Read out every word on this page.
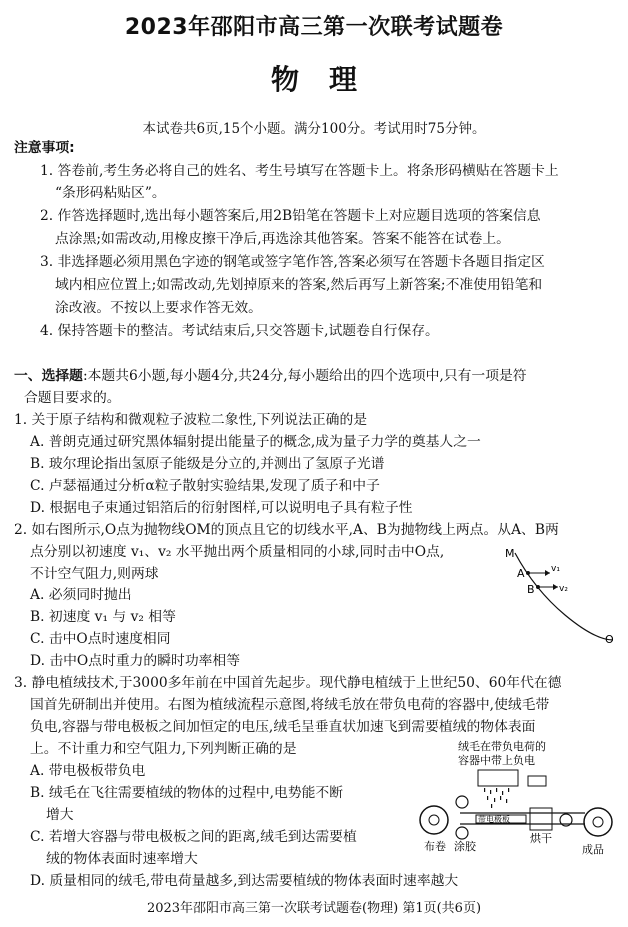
2023年邵阳市高三第一次联考试题卷
物理
本试卷共6页,15个小题。满分100分。考试用时75分钟。
注意事项:
1. 答卷前,考生务必将自己的姓名、考生号填写在答题卡上。将条形码横贴在答题卡上
“条形码粘贴区”。
2. 作答选择题时,选出每小题答案后,用2B铅笔在答题卡上对应题目选项的答案信息
点涂黑;如需改动,用橡皮擦干净后,再选涂其他答案。答案不能答在试卷上。
3. 非选择题必须用黑色字迹的钢笔或签字笔作答,答案必须写在答题卡各题目指定区
域内相应位置上;如需改动,先划掉原来的答案,然后再写上新答案;不准使用铅笔和
涂改液。不按以上要求作答无效。
4. 保持答题卡的整洁。考试结束后,只交答题卡,试题卷自行保存。
一、选择题:本题共6小题,每小题4分,共24分,每小题给出的四个选项中,只有一项是符
合题目要求的。
1. 关于原子结构和微观粒子波粒二象性,下列说法正确的是
A. 普朗克通过研究黑体辐射提出能量子的概念,成为量子力学的奠基人之一
B. 玻尔理论指出氢原子能级是分立的,并测出了氢原子光谱
C. 卢瑟福通过分析α粒子散射实验结果,发现了质子和中子
D. 根据电子束通过铝箔后的衍射图样,可以说明电子具有粒子性
2. 如右图所示,O点为抛物线OM的顶点且它的切线水平,A、B为抛物线上两点。从A、B两
点分别以初速度 v₁、v₂ 水平抛出两个质量相同的小球,同时击中O点,
不计空气阻力,则两球
A. 必须同时抛出
B. 初速度 v₁ 与 v₂ 相等
C. 击中O点时速度相同
D. 击中O点时重力的瞬时功率相等
M
A
B
v₁
v₂
O
3. 静电植绒技术,于3000多年前在中国首先起步。现代静电植绒于上世纪50、60年代在德
国首先研制出并使用。右图为植绒流程示意图,将绒毛放在带负电荷的容器中,使绒毛带
负电,容器与带电极板之间加恒定的电压,绒毛呈垂直状加速飞到需要植绒的物体表面
上。不计重力和空气阻力,下列判断正确的是
A. 带电极板带负电
B. 绒毛在飞往需要植绒的物体的过程中,电势能不断
增大
C. 若增大容器与带电极板之间的距离,绒毛到达需要植
绒的物体表面时速率增大
D. 质量相同的绒毛,带电荷量越多,到达需要植绒的物体表面时速率越大
绒毛在带负电荷的
容器中带上负电
带电极板
布卷 涂胶
烘干
成品
2023年邵阳市高三第一次联考试题卷(物理) 第1页(共6页)
